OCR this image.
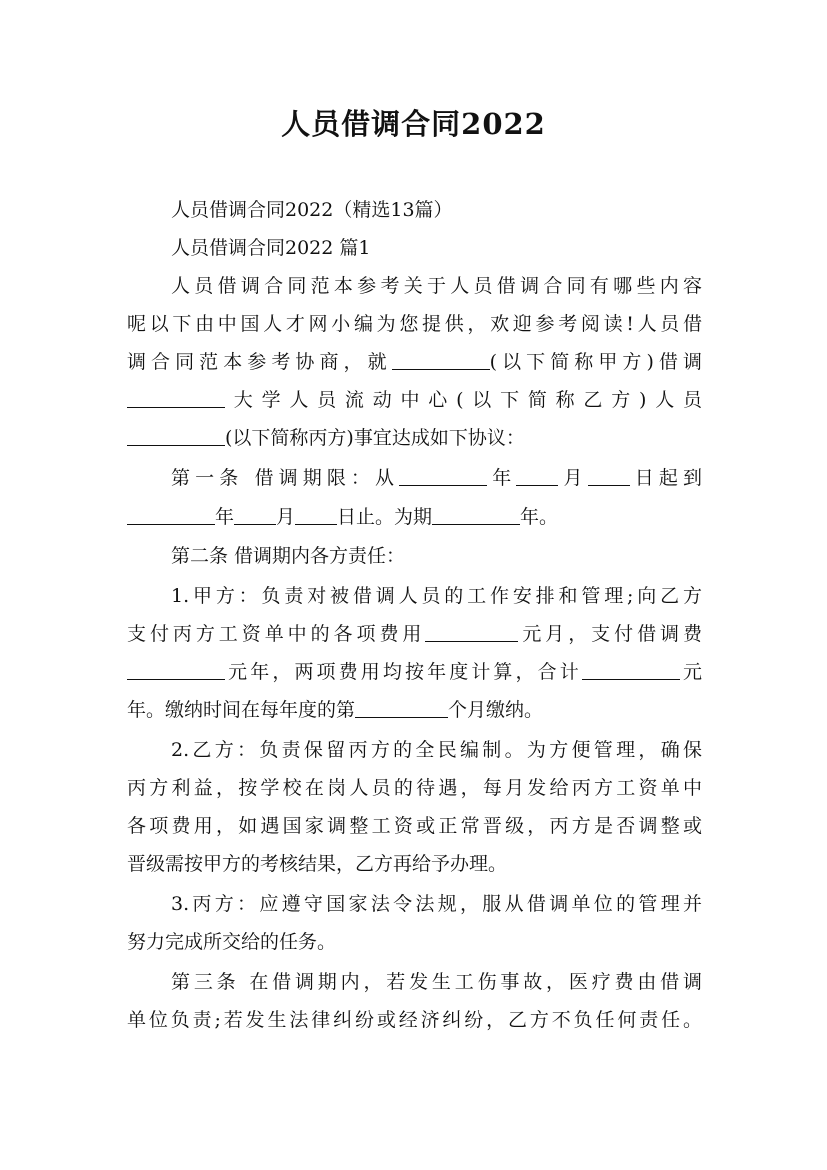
人员借调合同2022
人员借调合同2022（精选13篇）
人员借调合同2022 篇1
人员借调合同范本参考关于人员借调合同有哪些内容
呢以下由中国人才网小编为您提供，欢迎参考阅读!人员借
调合同范本参考协商，就	(以下简称甲方)借调
大学人员流动中心(以下简称乙方)人员
(以下简称丙方)事宜达成如下协议：
第一条 借调期限：从	年 月 日起到
年 月 日止。为期	年。
第二条 借调期内各方责任：
1.甲方：负责对被借调人员的工作安排和管理;向乙方
支付丙方工资单中的各项费用	元月，支付借调费
元年，两项费用均按年度计算，合计	元
年。缴纳时间在每年度的第	个月缴纳。
2.乙方：负责保留丙方的全民编制。为方便管理，确保
丙方利益，按学校在岗人员的待遇，每月发给丙方工资单中
各项费用，如遇国家调整工资或正常晋级，丙方是否调整或
晋级需按甲方的考核结果，乙方再给予办理。
3.丙方：应遵守国家法令法规，服从借调单位的管理并
努力完成所交给的任务。
第三条 在借调期内，若发生工伤事故，医疗费由借调
单位负责;若发生法律纠纷或经济纠纷，乙方不负任何责任。
